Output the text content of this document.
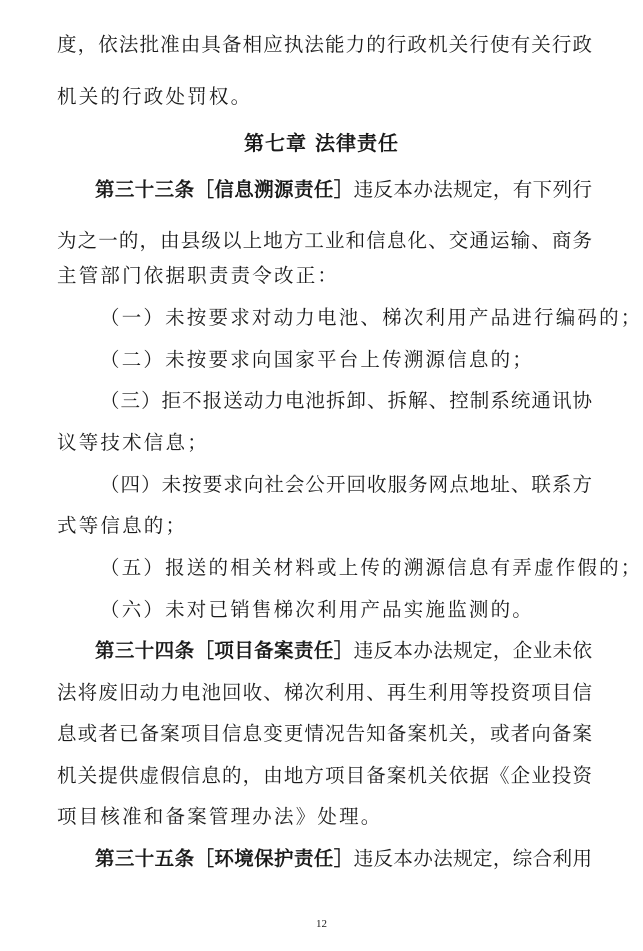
度，依法批准由具备相应执法能力的行政机关行使有关行政
机关的行政处罚权。
第七章 法律责任
第三十三条［信息溯源责任］违反本办法规定，有下列行
为之一的，由县级以上地方工业和信息化、交通运输、商务
主管部门依据职责责令改正：
（一）未按要求对动力电池、梯次利用产品进行编码的；
（二）未按要求向国家平台上传溯源信息的；
（三）拒不报送动力电池拆卸、拆解、控制系统通讯协
议等技术信息；
（四）未按要求向社会公开回收服务网点地址、联系方
式等信息的；
（五）报送的相关材料或上传的溯源信息有弄虚作假的；
（六）未对已销售梯次利用产品实施监测的。
第三十四条［项目备案责任］违反本办法规定，企业未依
法将废旧动力电池回收、梯次利用、再生利用等投资项目信
息或者已备案项目信息变更情况告知备案机关，或者向备案
机关提供虚假信息的，由地方项目备案机关依据《企业投资
项目核准和备案管理办法》处理。
第三十五条［环境保护责任］违反本办法规定，综合利用
12
